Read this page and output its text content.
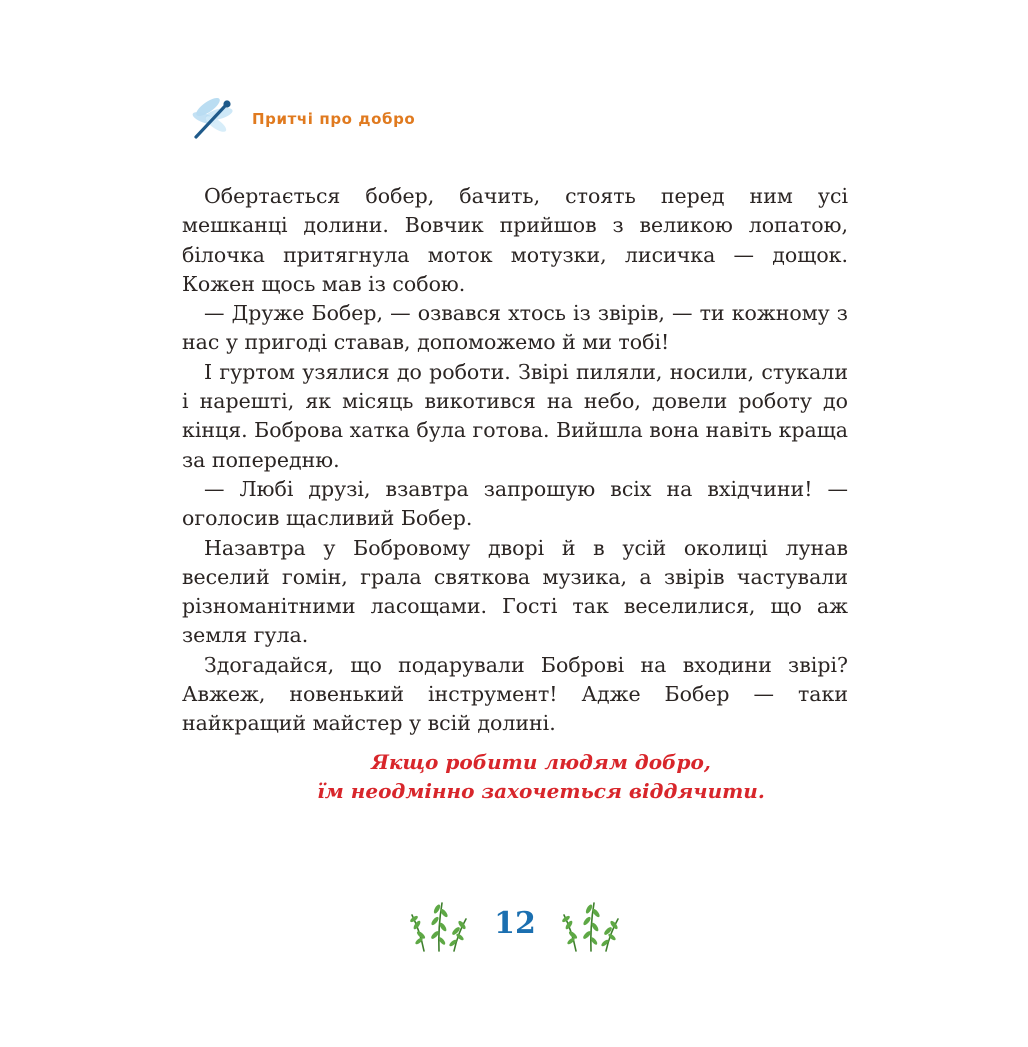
Притчі про добро

Обертається бобер, бачить, стоять перед ним усі мешканці долини. Вовчик прийшов з великою лопатою, білочка притягнула моток мотузки, лисичка — дощок. Кожен щось мав із собою.

— Друже Бобер, — озвався хтось із звірів, — ти кожному з нас у пригоді ставав, допоможемо й ми тобі!

І гуртом узялися до роботи. Звірі пиляли, носили, стукали і нарешті, як місяць викотився на небо, довели роботу до кінця. Боброва хатка була готова. Вийшла вона навіть краща за попередню.

— Любі друзі, взавтра запрошую всіх на вхідчини! — оголосив щасливий Бобер.

Назавтра у Бобровому дворі й в усій околиці лунав веселий гомін, грала святкова музика, а звірів частували різноманітними ласощами. Гості так веселилися, що аж земля гула.

Здогадайся, що подарували Боброві на входини звірі? Авжеж, новенький інструмент! Адже Бобер — таки найкращий майстер у всій долині.

Якщо робити людям добро,
їм неодмінно захочеться віддячити.
12
